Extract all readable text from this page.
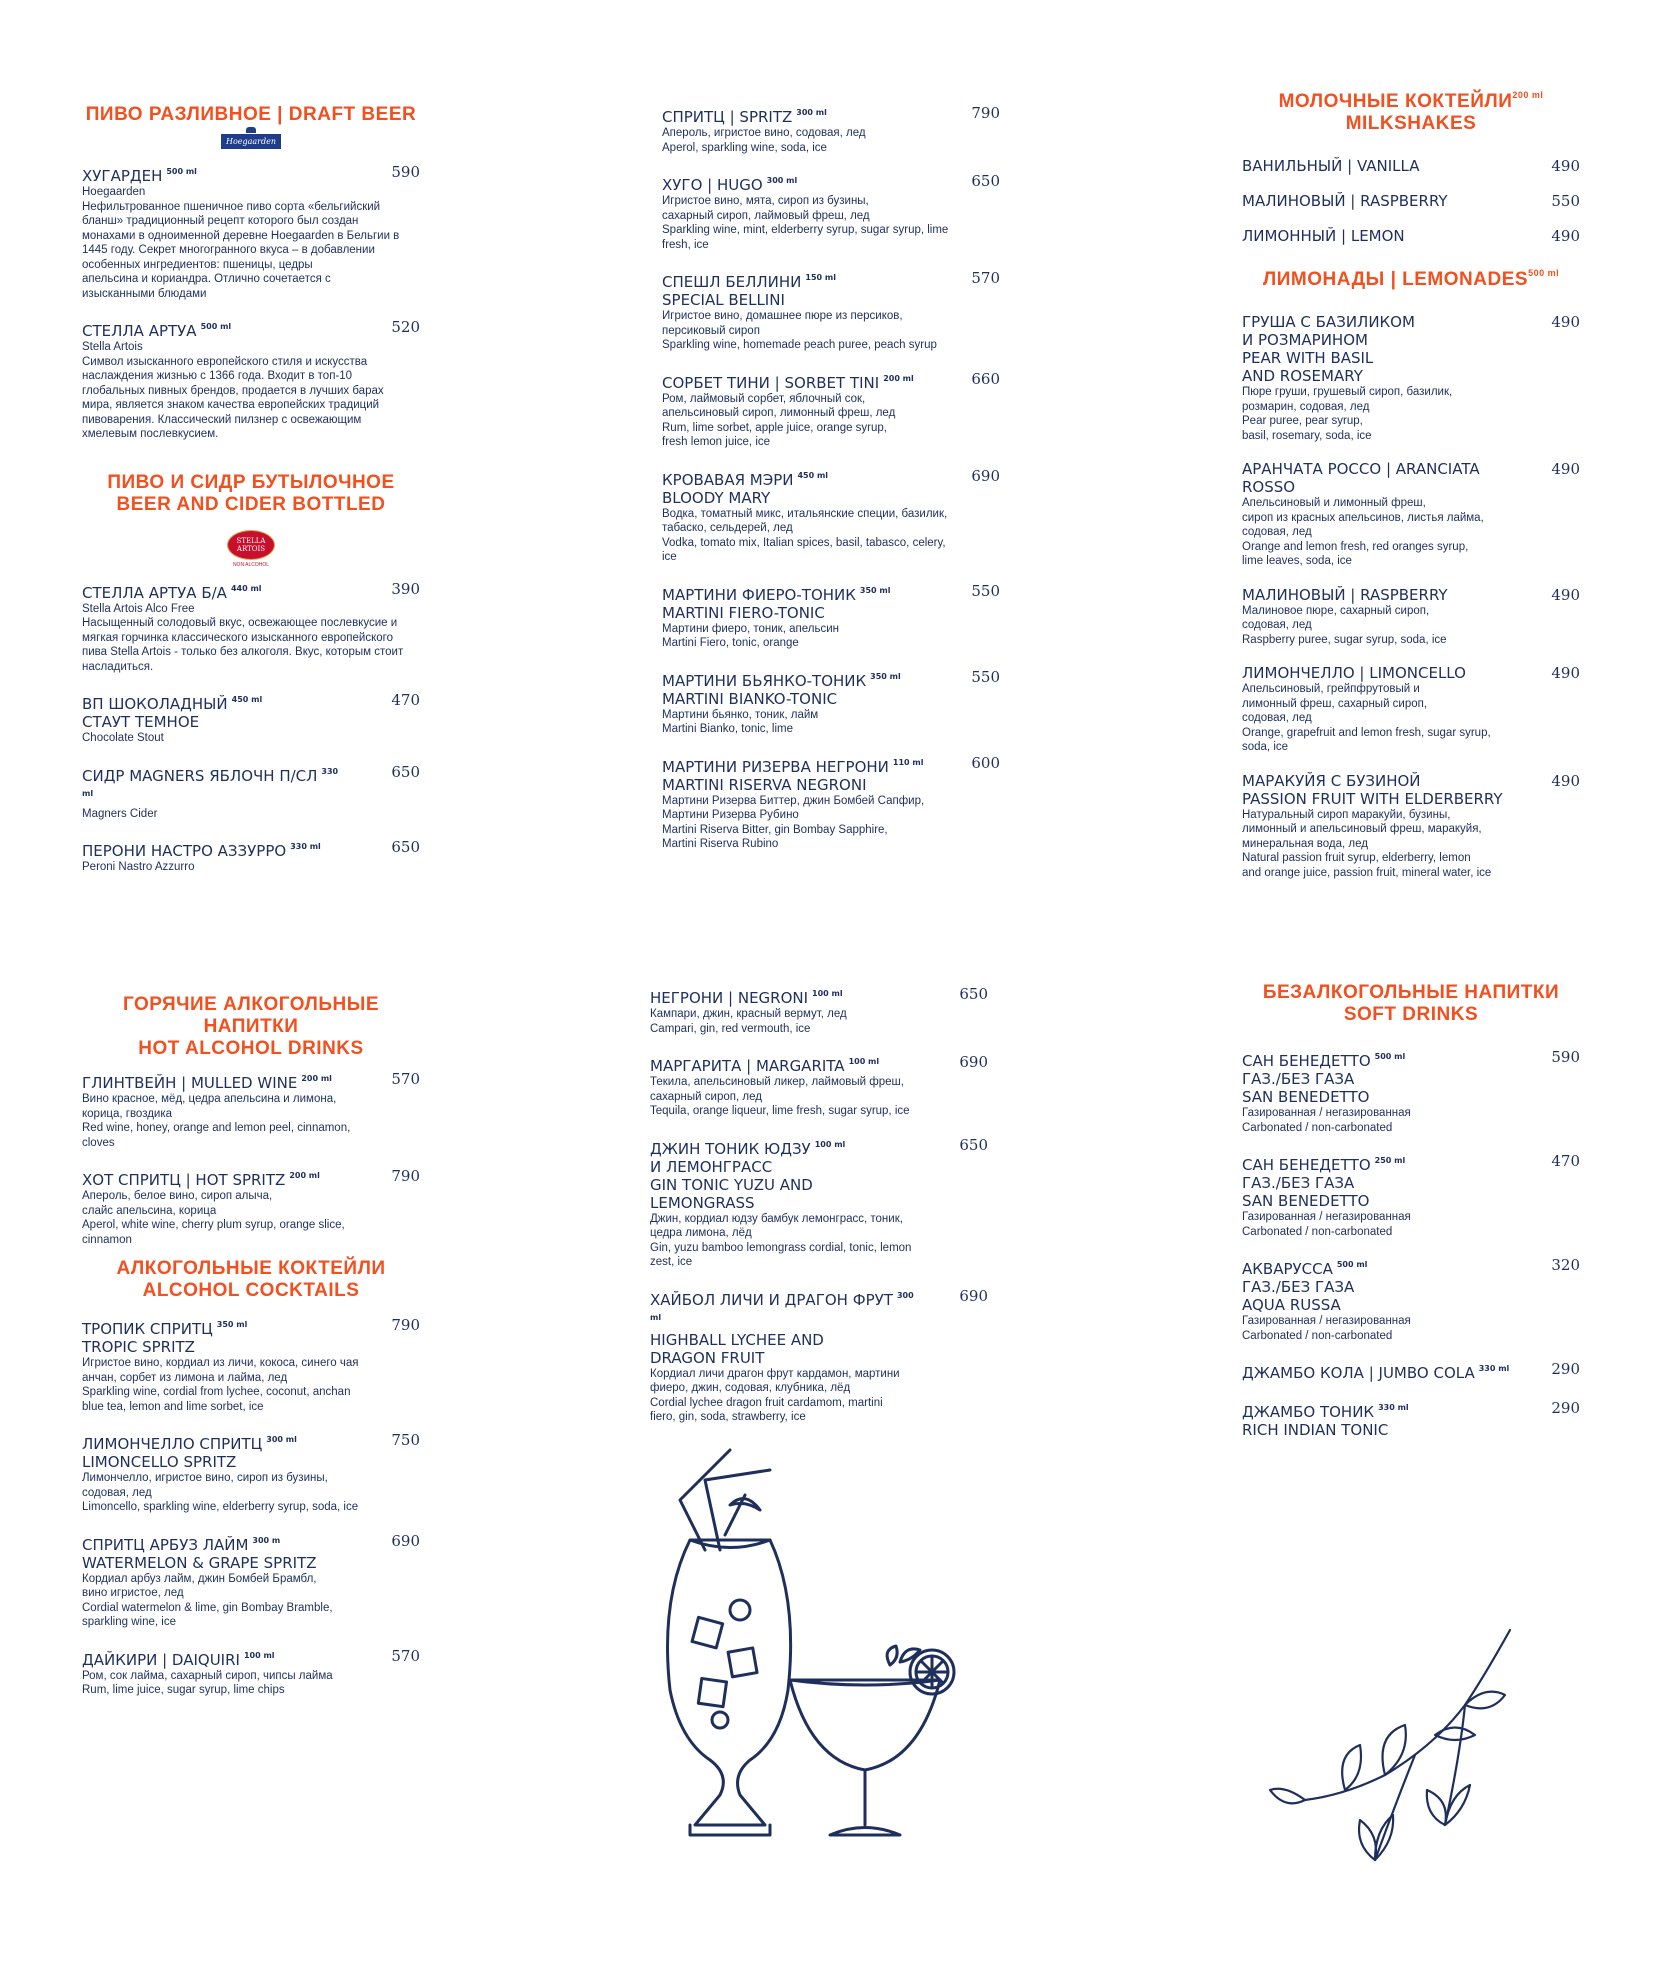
ПИВО РАЗЛИВНОЕ | DRAFT BEER
Hoegaarden
ХУГАРДЕН $^{500 ml}$	590
Hoegaarden
Нефильтрованное пшеничное пиво сорта «бельгийский
бланш» традиционный рецепт которого был создан
монахами в одноименной деревне Hoegaarden в Бельгии в
1445 году. Секрет многогранного вкуса – в добавлении
особенных ингредиентов: пшеницы, цедры
апельсина и кориандра. Отлично сочетается с
изысканными блюдами
СТЕЛЛА АРТУА $^{500 ml}$	520
Stella Artois
Символ изысканного европейского стиля и искусства
наслаждения жизнью с 1366 года. Входит в топ-10
глобальных пивных брендов, продается в лучших барах
мира, является знаком качества европейских традиций
пивоварения. Классический пилзнер с освежающим
хмелевым послевкусием.
ПИВО И СИДР БУТЫЛОЧНОЕ
BEER AND CIDER BOTTLED
STELLA ARTOIS
NON ALCOHOL
СТЕЛЛА АРТУА Б/А $^{440 ml}$	390
Stella Artois Alco Free
Насыщенный солодовый вкус, освежающее послевкусие и
мягкая горчинка классического изысканного европейского
пива Stella Artois - только без алкоголя. Вкус, которым стоит
насладиться.
ВП ШОКОЛАДНЫЙ $^{450 ml}$
СТАУТ ТЕМНОЕ
470
Chocolate Stout
СИДР MAGNERS ЯБЛОЧН П/СЛ $^{330 ml}$
650
Magners Cider
ПЕРОНИ НАСТРО АЗЗУРРО $^{330 ml}$	650
Peroni Nastro Azzurro
СПРИТЦ | SPRITZ $^{300 ml}$	790
Апероль, игристое вино, содовая, лед
Aperol, sparkling wine, soda, ice
ХУГО | HUGO $^{300 ml}$	650
Игристое вино, мята, сироп из бузины,
сахарный сироп, лаймовый фреш, лед
Sparkling wine, mint, elderberry syrup, sugar syrup, lime
fresh, ice
СПЕШЛ БЕЛЛИНИ $^{150 ml}$
SPECIAL BELLINI
570
Игристое вино, домашнее пюре из персиков,
персиковый сироп
Sparkling wine, homemade peach puree, peach syrup
СОРБЕТ ТИНИ | SORBET TINI $^{200 ml}$	660
Ром, лаймовый сорбет, яблочный сок,
апельсиновый сироп, лимонный фреш, лед
Rum, lime sorbet, apple juice, orange syrup,
fresh lemon juice, ice
КРОВАВАЯ МЭРИ $^{450 ml}$
BLOODY MARY
690
Водка, томатный микс, итальянские специи, базилик,
табаско, сельдерей, лед
Vodka, tomato mix, Italian spices, basil, tabasco, celery,
ice
МАРТИНИ ФИЕРО-ТОНИК $^{350 ml}$
MARTINI FIERO-TONIC
550
Мартини фиеро, тоник, апельсин
Martini Fiero, tonic, orange
МАРТИНИ БЬЯНКО-ТОНИК $^{350 ml}$
MARTINI BIANKO-TONIC
550
Мартини бьянко, тоник, лайм
Martini Bianko, tonic, lime
МАРТИНИ РИЗЕРВА НЕГРОНИ $^{110 ml}$
MARTINI RISERVA NEGRONI
600
Мартини Ризерва Биттер, джин Бомбей Сапфир,
Мартини Ризерва Рубино
Martini Riserva Bitter, gin Bombay Sapphire,
Martini Riserva Rubino
МОЛОЧНЫЕ $КОКТЕЙЛИ^{200 ml}$
MILKSHAKES
ВАНИЛЬНЫЙ | VANILLA	490
МАЛИНОВЫЙ | RASPBERRY	550
ЛИМОННЫЙ | LEMON	490
ЛИМОНАДЫ | $LEMONADES^{500 ml}$
ГРУША С БАЗИЛИКОМ
И РОЗМАРИНОМ
PEAR WITH BASIL
AND ROSEMARY
490
Пюре груши, грушевый сироп, базилик,
розмарин, содовая, лед
Pear puree, pear syrup,
basil, rosemary, soda, ice
АРАНЧАТА РОССО | ARANCIATA ROSSO
490
Апельсиновый и лимонный фреш,
сироп из красных апельсинов, листья лайма,
содовая, лед
Orange and lemon fresh, red oranges syrup,
lime leaves, soda, ice
МАЛИНОВЫЙ | RASPBERRY	490
Малиновое пюре, сахарный сироп,
содовая, лед
Raspberry puree, sugar syrup, soda, ice
ЛИМОНЧЕЛЛО | LIMONCELLO	490
Апельсиновый, грейпфрутовый и
лимонный фреш, сахарный сироп,
содовая, лед
Orange, grapefruit and lemon fresh, sugar syrup,
soda, ice
МАРАКУЙЯ С БУЗИНОЙ
PASSION FRUIT WITH ELDERBERRY
490
Натуральный сироп маракуйи, бузины,
лимонный и апельсиновый фреш, маракуйя,
минеральная вода, лед
Natural passion fruit syrup, elderberry, lemon
and orange juice, passion fruit, mineral water, ice
ГОРЯЧИЕ АЛКОГОЛЬНЫЕ
НАПИТКИ
HOT ALCOHOL DRINKS
ГЛИНТВЕЙН | MULLED WINE $^{200 ml}$	570
Вино красное, мёд, цедра апельсина и лимона,
корица, гвоздика
Red wine, honey, orange and lemon peel, cinnamon,
cloves
ХОТ СПРИТЦ | HOT SPRITZ $^{200 ml}$	790
Апероль, белое вино, сироп алыча,
слайс апельсина, корица
Aperol, white wine, cherry plum syrup, orange slice,
cinnamon
АЛКОГОЛЬНЫЕ КОКТЕЙЛИ
ALCOHOL COCKTAILS
ТРОПИК СПРИТЦ $^{350 ml}$
TROPIC SPRITZ
790
Игристое вино, кордиал из личи, кокоса, синего чая
анчан, сорбет из лимона и лайма, лед
Sparkling wine, cordial from lychee, coconut, anchan
blue tea, lemon and lime sorbet, ice
ЛИМОНЧЕЛЛО СПРИТЦ $^{300 ml}$
LIMONCELLO SPRITZ
750
Лимончелло, игристое вино, сироп из бузины,
содовая, лед
Limoncello, sparkling wine, elderberry syrup, soda, ice
СПРИТЦ АРБУЗ ЛАЙМ $^{300 m}$
WATERMELON & GRAPE SPRITZ
690
Кордиал арбуз лайм, джин Бомбей Брамбл,
вино игристое, лед
Cordial watermelon & lime, gin Bombay Bramble,
sparkling wine, ice
ДАЙКИРИ | DAIQUIRI $^{100 ml}$	570
Ром, сок лайма, сахарный сироп, чипсы лайма
Rum, lime juice, sugar syrup, lime chips
НЕГРОНИ | NEGRONI $^{100 ml}$	650
Кампари, джин, красный вермут, лед
Campari, gin, red vermouth, ice
МАРГАРИТА | MARGARITA $^{100 ml}$	690
Текила, апельсиновый ликер, лаймовый фреш,
сахарный сироп, лед
Tequila, orange liqueur, lime fresh, sugar syrup, ice
ДЖИН ТОНИК ЮДЗУ $^{100 ml}$
И ЛЕМОНГРАСС
GIN TONIC YUZU AND LEMONGRASS
650
Джин, кордиал юдзу бамбук лемонграсс, тоник,
цедра лимона, лёд
Gin, yuzu bamboo lemongrass cordial, tonic, lemon
zest, ice
ХАЙБОЛ ЛИЧИ И ДРАГОН ФРУТ $^{300 ml}$
HIGHBALL LYCHEE AND
DRAGON FRUIT
690
Кордиал личи драгон фрут кардамон, мартини
фиеро, джин, содовая, клубника, лёд
Cordial lychee dragon fruit cardamom, martini
fiero, gin, soda, strawberry, ice
БЕЗАЛКОГОЛЬНЫЕ НАПИТКИ
SOFT DRINKS
САН БЕНЕДЕТТО $^{500 ml}$
ГАЗ./БЕЗ ГАЗА
SAN BENEDETTO
590
Газированная / негазированная
Carbonated / non-carbonated
САН БЕНЕДЕТТО $^{250 ml}$
ГАЗ./БЕЗ ГАЗА
SAN BENEDETTO
470
Газированная / негазированная
Carbonated / non-carbonated
АКВАРУССА $^{500 ml}$
ГАЗ./БЕЗ ГАЗА
AQUA RUSSA
320
Газированная / негазированная
Carbonated / non-carbonated
ДЖАМБО КОЛА | JUMBO COLA $^{330 ml}$	290
ДЖАМБО ТОНИК $^{330 ml}$
RICH INDIAN TONIC
290
